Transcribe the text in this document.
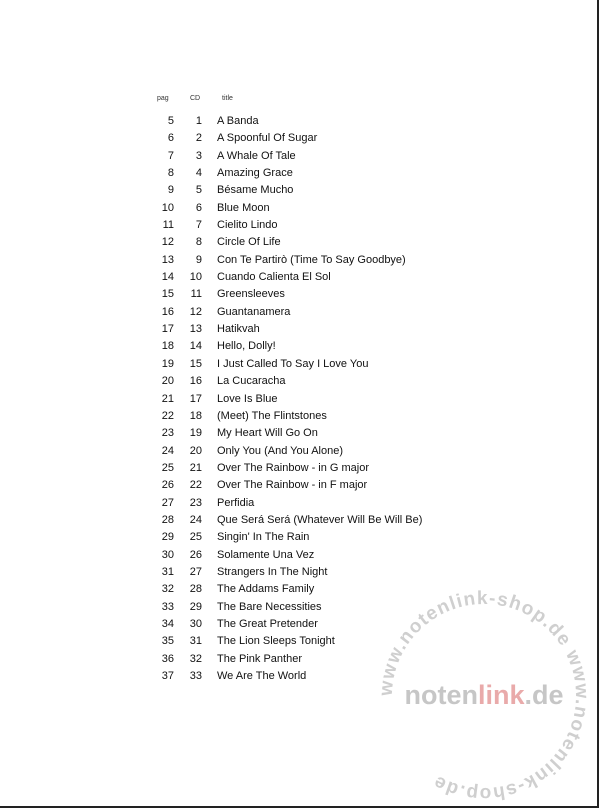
pag	CD	title
5	1 A Banda
6	2 A Spoonful Of Sugar
7	3 A Whale Of Tale
8	4 Amazing Grace
9	5 Bésame Mucho
10	6 Blue Moon
11	7 Cielito Lindo
12	8 Circle Of Life
13	9 Con Te Partirò (Time To Say Goodbye)
14	10 Cuando Calienta El Sol
15	11 Greensleeves
16	12 Guantanamera
17	13 Hatikvah
18	14 Hello, Dolly!
19	15 I Just Called To Say I Love You
20	16 La Cucaracha
21	17 Love Is Blue
22	18 (Meet) The Flintstones
23	19 My Heart Will Go On
24	20 Only You (And You Alone)
25	21 Over The Rainbow - in G major
26	22 Over The Rainbow - in F major
27	23 Perfidia
28	24 Que Será Será (Whatever Will Be Will Be)
29	25 Singin' In The Rain
30	26 Solamente Una Vez
31	27 Strangers In The Night
32	28 The Addams Family
33	29 The Bare Necessities
34	30 The Great Pretender
35	31 The Lion Sleeps Tonight
36	32 The Pink Panther
37	33 We Are The World
www.notenlink-shop.de www.notenlink-shop.de
notenlink.de
